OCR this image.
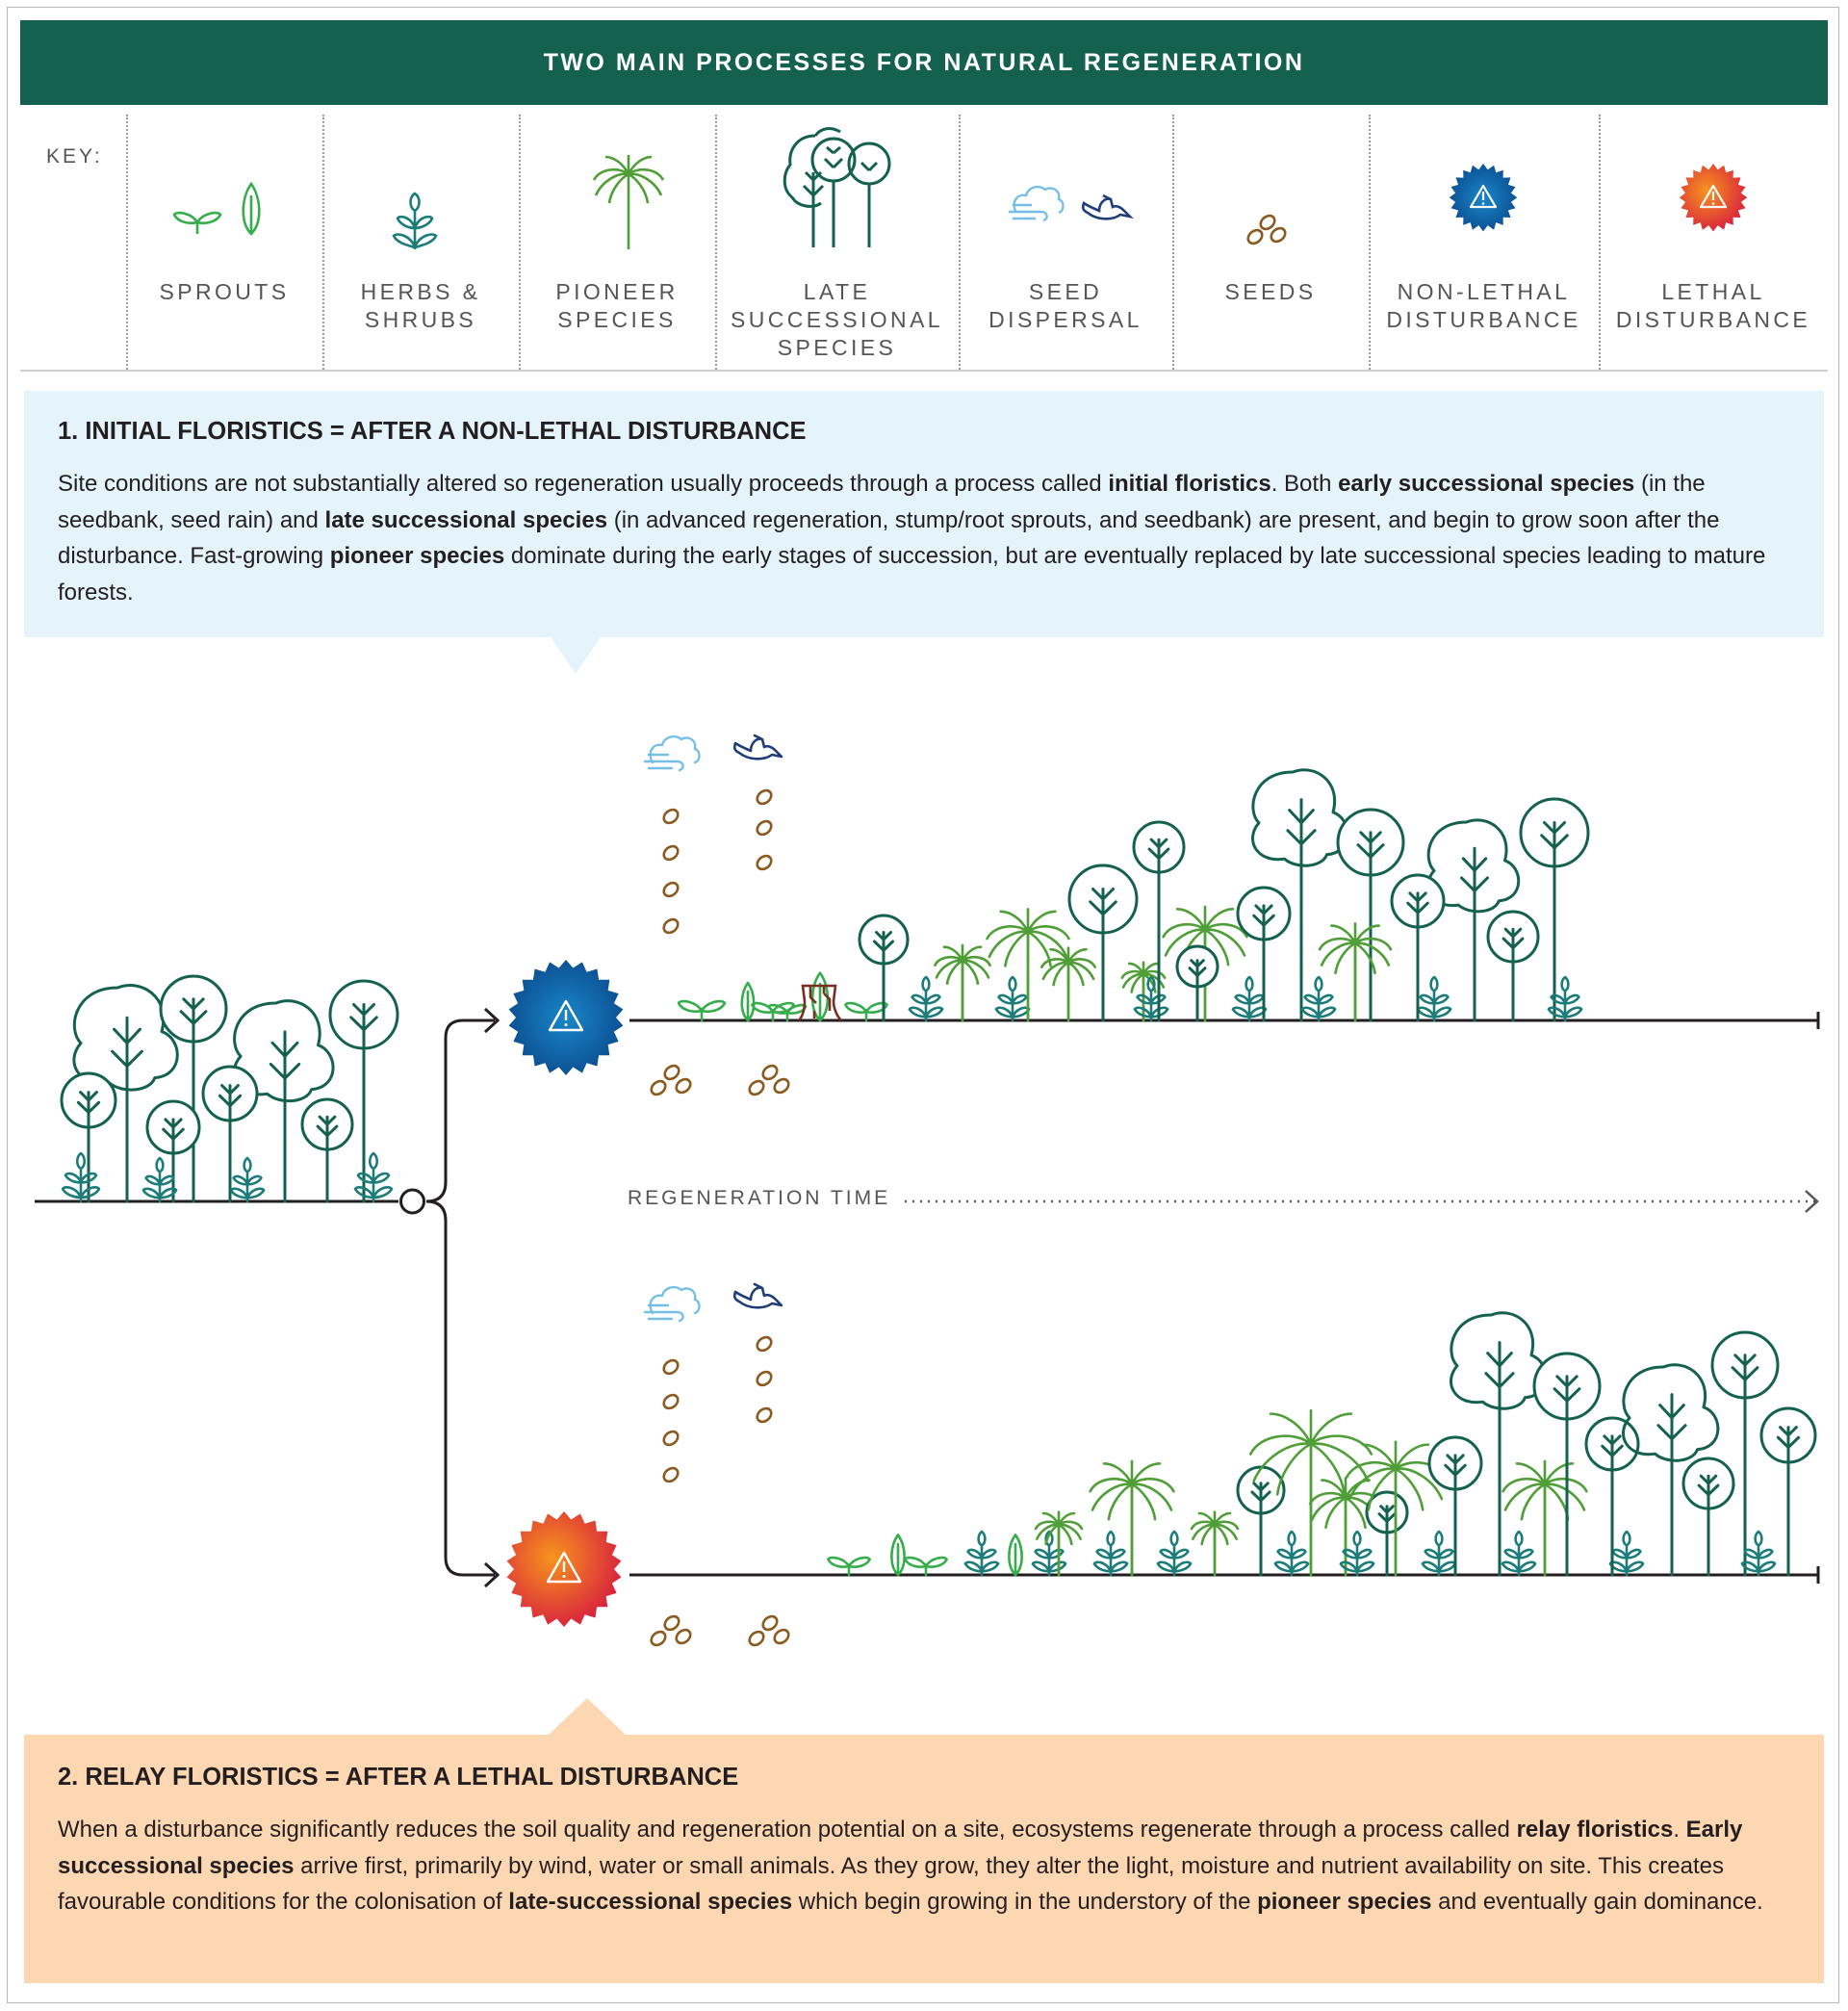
TWO MAIN PROCESSES FOR NATURAL REGENERATION
KEY:
SPROUTS	HERBS &
SHRUBS
PIONEER
SPECIES
LATE
SUCCESSIONAL
SPECIES
SEED
DISPERSAL
SEEDS	NON-LETHAL
DISTURBANCE
LETHAL
DISTURBANCE
1. INITIAL FLORISTICS = AFTER A NON-LETHAL DISTURBANCE
Site conditions are not substantially altered so regeneration usually proceeds through a process called initial floristics. Both early successional species (in the seedbank, seed rain) and late successional species (in advanced regeneration, stump/root sprouts, and seedbank) are present, and begin to grow soon after the disturbance. Fast-growing pioneer species dominate during the early stages of succession, but are eventually replaced by late successional species leading to mature forests.
REGENERATION TIME
2. RELAY FLORISTICS = AFTER A LETHAL DISTURBANCE
When a disturbance significantly reduces the soil quality and regeneration potential on a site, ecosystems regenerate through a process called relay floristics. Early successional species arrive first, primarily by wind, water or small animals. As they grow, they alter the light, moisture and nutrient availability on site. This creates favourable conditions for the colonisation of late-successional species which begin growing in the understory of the pioneer species and eventually gain dominance.
